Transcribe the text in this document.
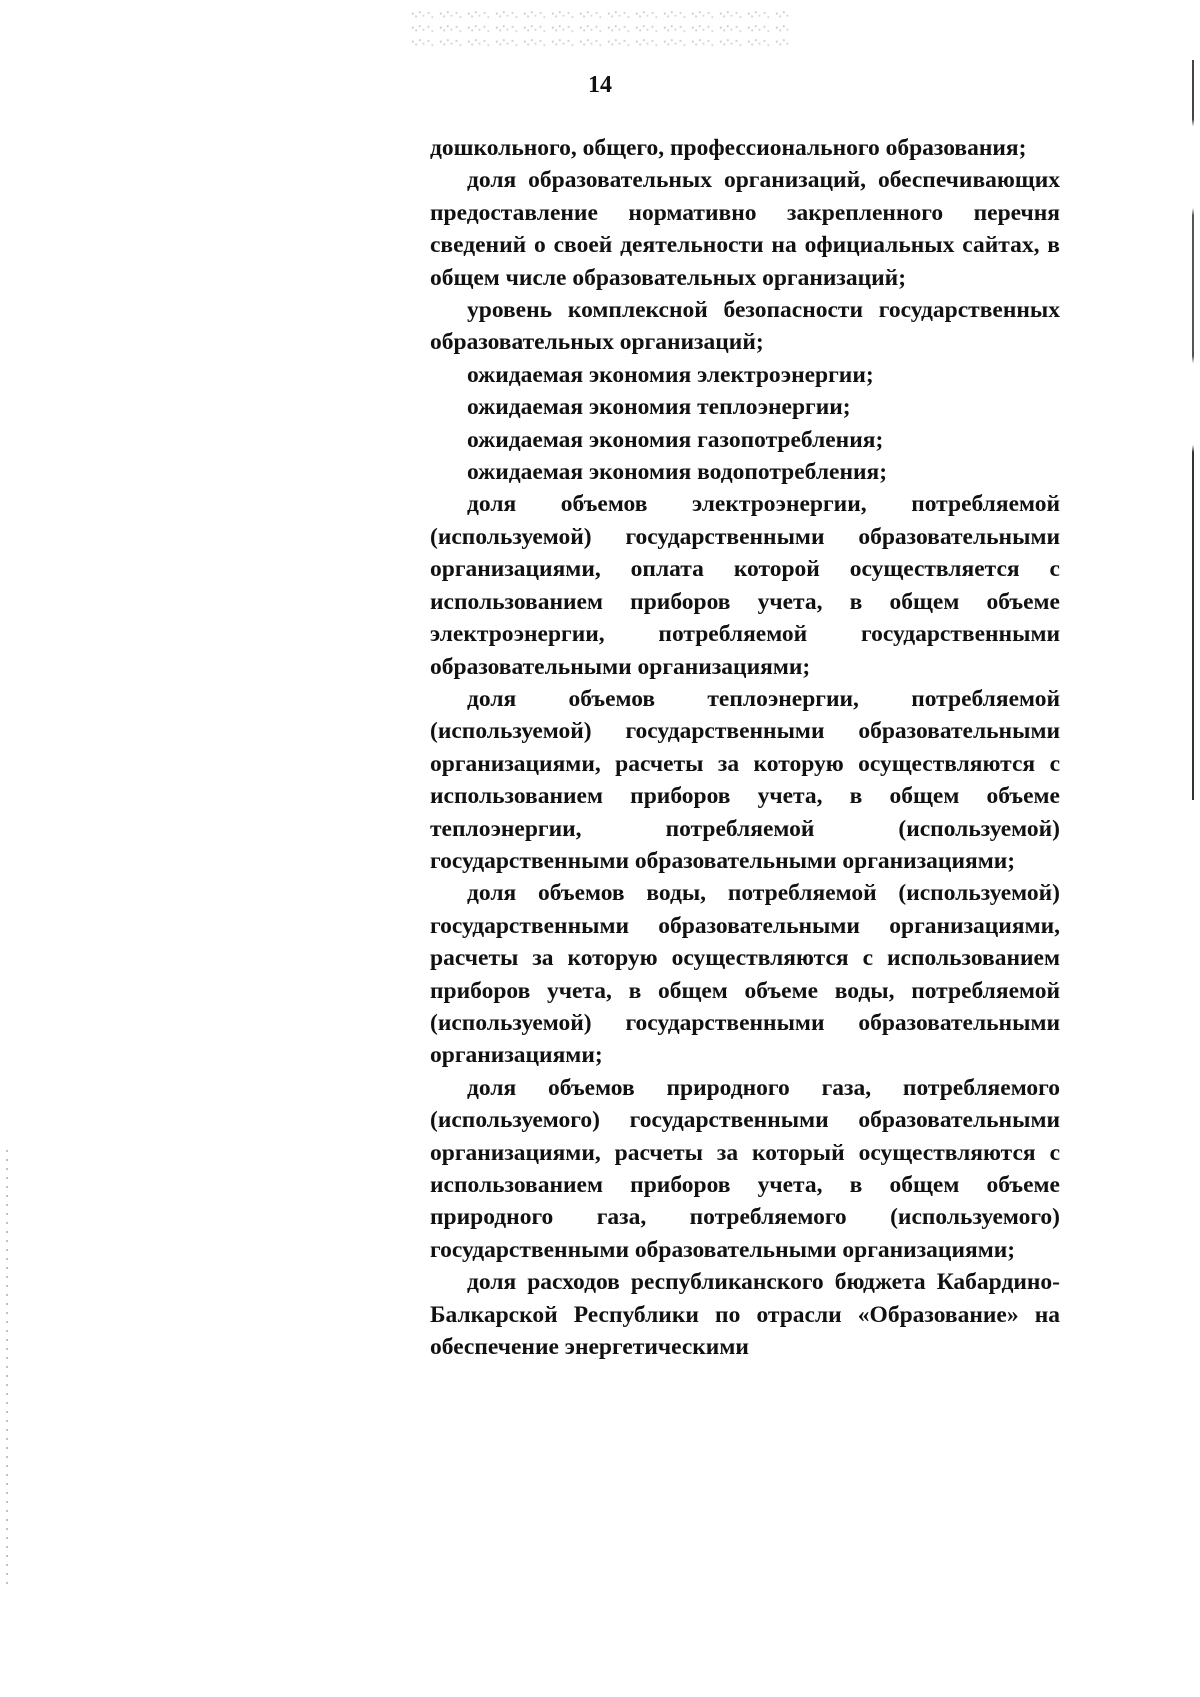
14

дошкольного, общего, профессионального образования;

доля образовательных организаций, обеспечивающих предоставление нормативно закрепленного перечня сведений о своей деятельности на официальных сайтах, в общем числе образовательных организаций;

уровень комплексной безопасности государственных образовательных организаций;

ожидаемая экономия электроэнергии;

ожидаемая экономия теплоэнергии;

ожидаемая экономия газопотребления;

ожидаемая экономия водопотребления;

доля объемов электроэнергии, потребляемой (используемой) государственными образовательными организациями, оплата которой осуществляется с использованием приборов учета, в общем объеме электроэнергии, потребляемой государственными образовательными организациями;

доля объемов теплоэнергии, потребляемой (используемой) государственными образовательными организациями, расчеты за которую осуществляются с использованием приборов учета, в общем объеме теплоэнергии, потребляемой (используемой) государственными образовательными организациями;

доля объемов воды, потребляемой (используемой) государственными образовательными организациями, расчеты за которую осуществляются с использованием приборов учета, в общем объеме воды, потребляемой (используемой) государственными образовательными организациями;

доля объемов природного газа, потребляемого (используемого) государственными образовательными организациями, расчеты за который осуществляются с использованием приборов учета, в общем объеме природного газа, потребляемого (используемого) государственными образовательными организациями;

доля расходов республиканского бюджета Кабардино-Балкарской Республики по отрасли «Образование» на обеспечение энергетическими
